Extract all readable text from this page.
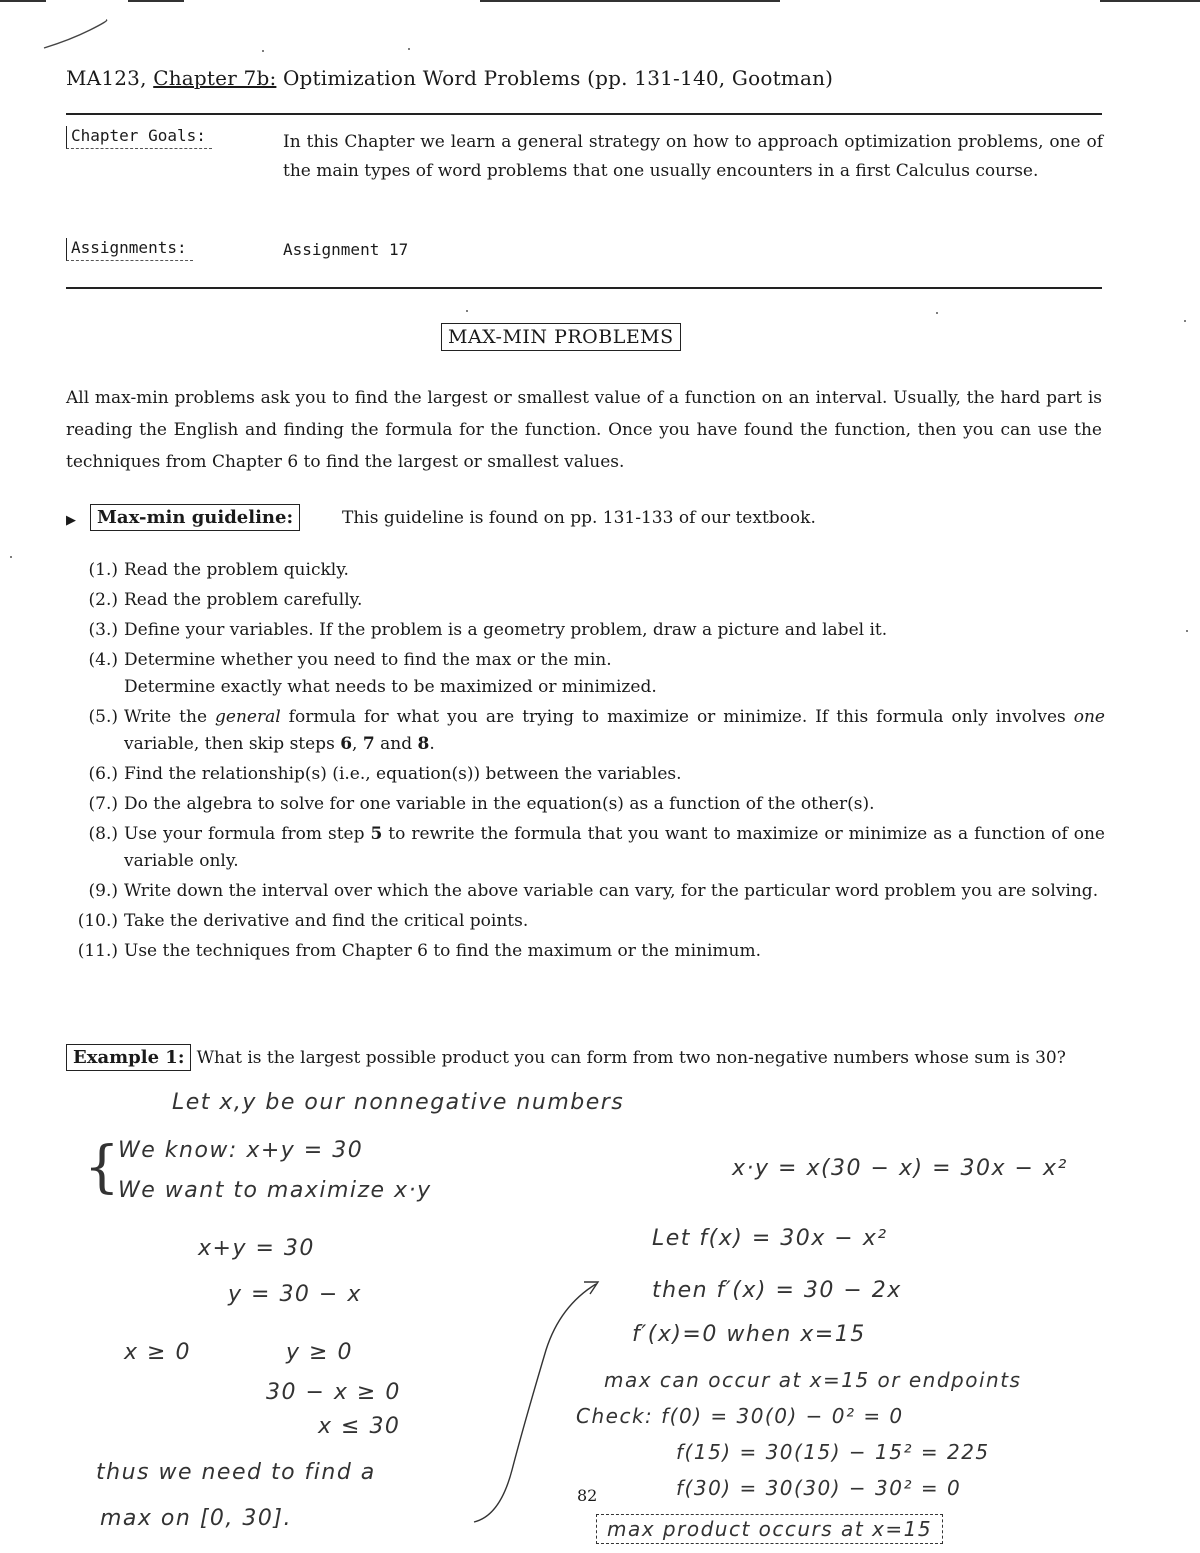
MA123, Chapter 7b: Optimization Word Problems (pp. 131-140, Gootman)
Chapter Goals:	In this Chapter we learn a general strategy on how to approach optimization problems, one of the main types of word problems that one usually encounters in a first Calculus course.
Assignments:	Assignment 17
MAX-MIN PROBLEMS
All max-min problems ask you to find the largest or smallest value of a function on an interval. Usually, the hard part is reading the English and finding the formula for the function. Once you have found the function, then you can use the techniques from Chapter 6 to find the largest or smallest values.
▶	Max-min guideline:	This guideline is found on pp. 131-133 of our textbook.
(1.) Read the problem quickly.
(2.) Read the problem carefully.
(3.) Define your variables. If the problem is a geometry problem, draw a picture and label it.
(4.) Determine whether you need to find the max or the min.
Determine exactly what needs to be maximized or minimized.
(5.) Write the general formula for what you are trying to maximize or minimize. If this formula only involves one variable, then skip steps 6, 7 and 8.
(6.) Find the relationship(s) (i.e., equation(s)) between the variables.
(7.) Do the algebra to solve for one variable in the equation(s) as a function of the other(s).
(8.) Use your formula from step 5 to rewrite the formula that you want to maximize or minimize as a function of one variable only.
(9.) Write down the interval over which the above variable can vary, for the particular word problem you are solving.
(10.) Take the derivative and find the critical points.
(11.) Use the techniques from Chapter 6 to find the maximum or the minimum.
Example 1: What is the largest possible product you can form from two non-negative numbers whose sum is 30?
Let x,y be our nonnegative numbers
{
We know: x+y = 30
We want to maximize x·y
x+y = 30
y = 30 − x
x ≥ 0	y ≥ 0
30 − x ≥ 0
x ≤ 30
thus we need to find a
max on [0, 30].
x·y = x(30 − x) = 30x − x²
Let f(x) = 30x − x²
then f′(x) = 30 − 2x
f′(x)=0 when x=15
max can occur at x=15 or endpoints
Check: f(0) = 30(0) − 0² = 0
f(15) = 30(15) − 15² = 225
f(30) = 30(30) − 30² = 0
82
max product occurs at x=15
